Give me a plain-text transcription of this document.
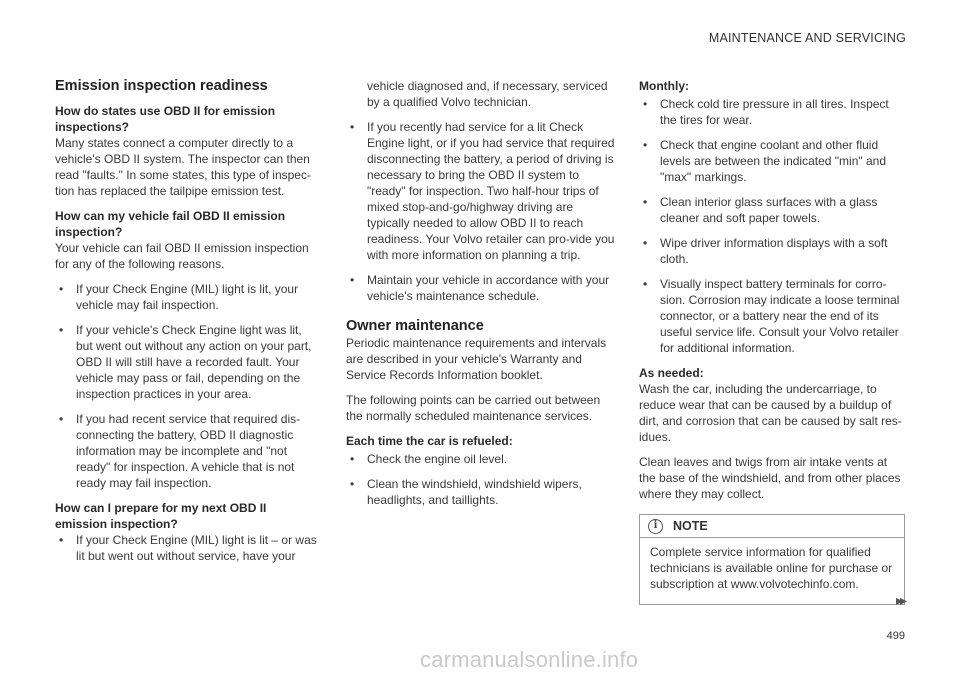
MAINTENANCE AND SERVICING
Emission inspection readiness
How do states use OBD II for emission inspections?

Many states connect a computer directly to a vehicle's OBD II system. The inspector can then read "faults." In some states, this type of inspec-tion has replaced the tailpipe emission test.

How can my vehicle fail OBD II emission inspection?

Your vehicle can fail OBD II emission inspection for any of the following reasons.

• If your Check Engine (MIL) light is lit, your vehicle may fail inspection.
• If your vehicle's Check Engine light was lit, but went out without any action on your part, OBD II will still have a recorded fault. Your vehicle may pass or fail, depending on the inspection practices in your area.
• If you had recent service that required dis-connecting the battery, OBD II diagnostic information may be incomplete and "not ready" for inspection. A vehicle that is not ready may fail inspection.
How can I prepare for my next OBD II emission inspection?
• If your Check Engine (MIL) light is lit – or was lit but went out without service, have your

vehicle diagnosed and, if necessary, serviced by a qualified Volvo technician.

• If you recently had service for a lit Check Engine light, or if you had service that required disconnecting the battery, a period of driving is necessary to bring the OBD II system to "ready" for inspection. Two half-hour trips of mixed stop-and-go/highway driving are typically needed to allow OBD II to reach readiness. Your Volvo retailer can pro-vide you with more information on planning a trip.
• Maintain your vehicle in accordance with your vehicle's maintenance schedule.
Owner maintenance

Periodic maintenance requirements and intervals are described in your vehicle's Warranty and Service Records Information booklet.

The following points can be carried out between the normally scheduled maintenance services.

Each time the car is refueled:
• Check the engine oil level.
• Clean the windshield, windshield wipers, headlights, and taillights.
Monthly:
• Check cold tire pressure in all tires. Inspect the tires for wear.
• Check that engine coolant and other fluid levels are between the indicated "min" and "max" markings.
• Clean interior glass surfaces with a glass cleaner and soft paper towels.
• Wipe driver information displays with a soft cloth.
• Visually inspect battery terminals for corro-sion. Corrosion may indicate a loose terminal connector, or a battery near the end of its useful service life. Consult your Volvo retailer for additional information.
As needed:

Wash the car, including the undercarriage, to reduce wear that can be caused by a buildup of dirt, and corrosion that can be caused by salt res-idues.

Clean leaves and twigs from air intake vents at the base of the windshield, and from other places where they may collect.

i	NOTE
Complete service information for qualified technicians is available online for purchase or subscription at www.volvotechinfo.com.
▸▸
499
carmanualsonline.info
